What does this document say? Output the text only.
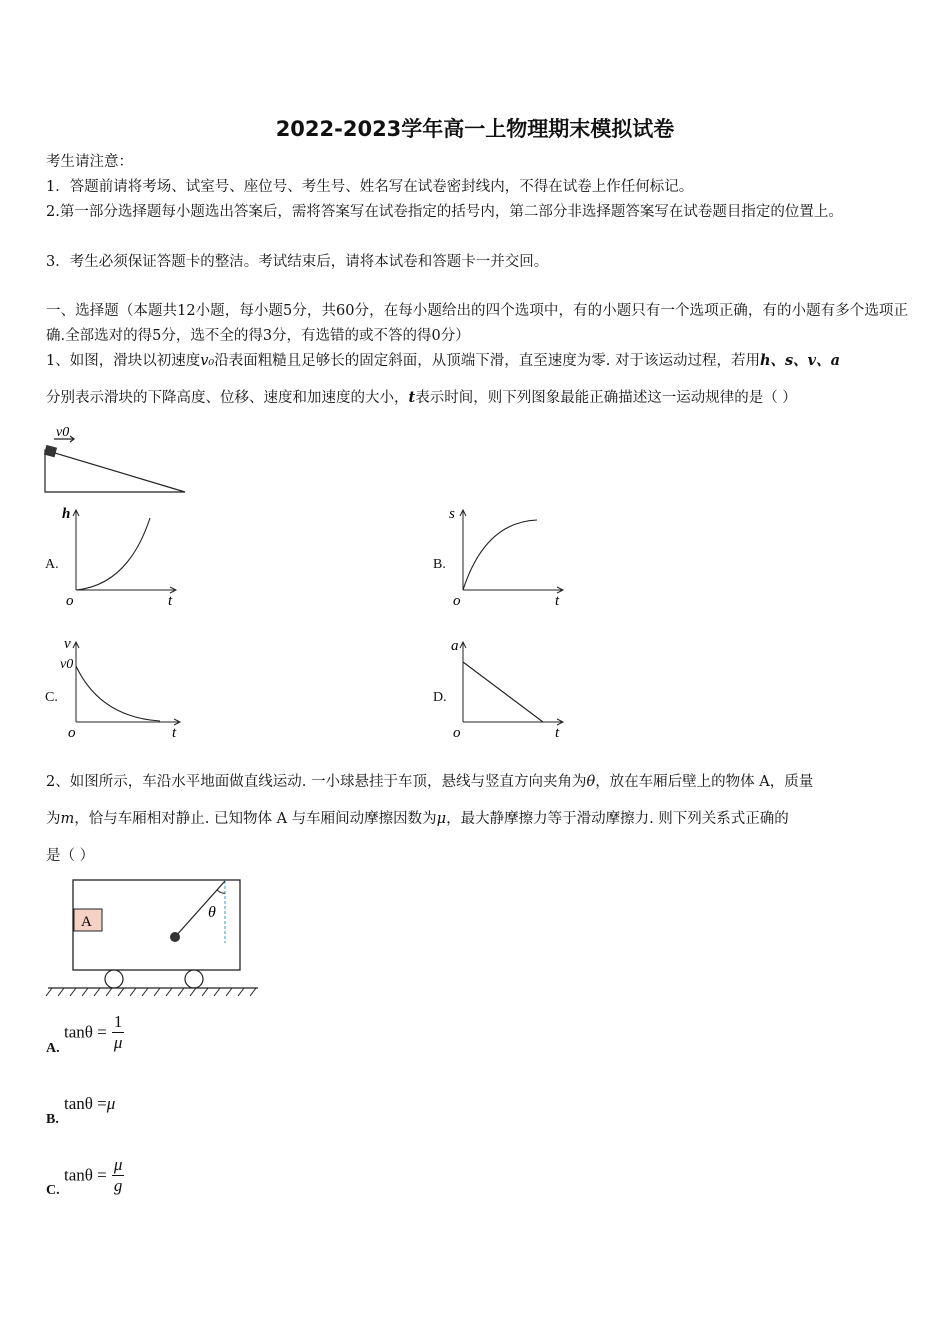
2022-2023学年高一上物理期末模拟试卷
考生请注意：
1．答题前请将考场、试室号、座位号、考生号、姓名写在试卷密封线内，不得在试卷上作任何标记。
2.第一部分选择题每小题选出答案后，需将答案写在试卷指定的括号内，第二部分非选择题答案写在试卷题目指定的位置上。
3．考生必须保证答题卡的整洁。考试结束后，请将本试卷和答题卡一并交回。
一、选择题（本题共12小题，每小题5分，共60分，在每小题给出的四个选项中，有的小题只有一个选项正确，有的小题有多个选项正确.全部选对的得5分，选不全的得3分，有选错的或不答的得0分）
1、如图，滑块以初速度v₀沿表面粗糙且足够长的固定斜面，从顶端下滑，直至速度为零. 对于该运动过程，若用h、s、v、a
分别表示滑块的下降高度、位移、速度和加速度的大小，t表示时间，则下列图象最能正确描述这一运动规律的是（ ）
v0
A.
h
t
o
B.
s
t
o
C.
v
v0
t
o
D.
a
t
o
2、如图所示，车沿水平地面做直线运动. 一小球悬挂于车顶，悬线与竖直方向夹角为θ，放在车厢后壁上的物体 A，质量
为m，恰与车厢相对静止. 已知物体 A 与车厢间动摩擦因数为μ，最大静摩擦力等于滑动摩擦力. 则下列关系式正确的
是（ ）
A
θ
A.
$\tan\theta = \frac{1}{\mu}$
B.
tanθ =μ
C.
$\tan\theta = \frac{\mu}{g}$
